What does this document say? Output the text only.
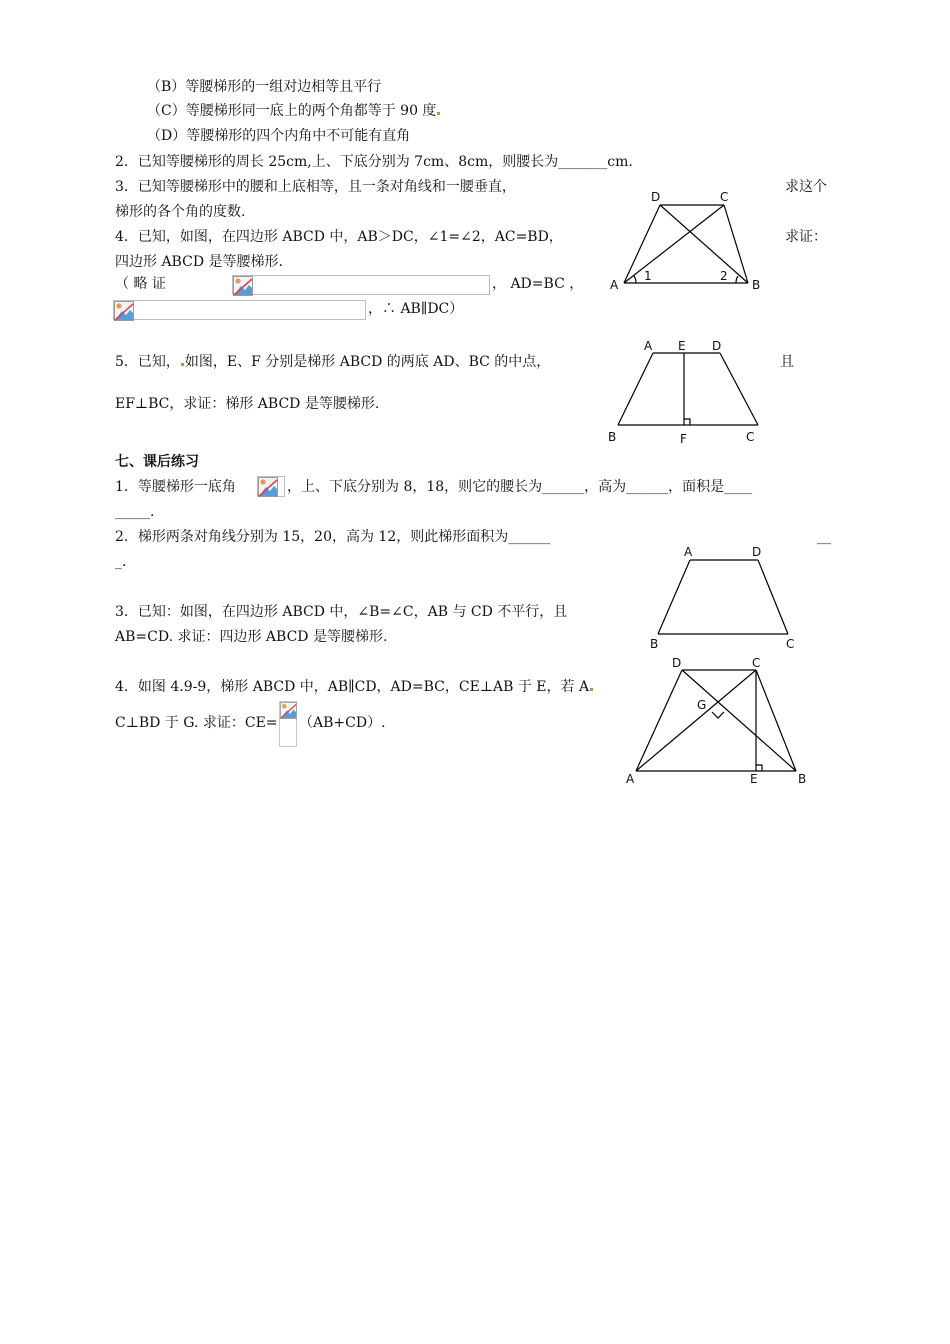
（B）等腰梯形的一组对边相等且平行
（C）等腰梯形同一底上的两个角都等于 90 度
（D）等腰梯形的四个内角中不可能有直角
2．已知等腰梯形的周长 25cm,上、下底分别为 7cm、8cm，则腰长为_______cm.
3．已知等腰梯形中的腰和上底相等，且一条对角线和一腰垂直，	求这个
梯形的各个角的度数.
4．已知，如图，在四边形 ABCD 中，AB＞DC，∠1=∠2，AC=BD，	求证：
四边形 ABCD 是等腰梯形.
（ 略 证	， AD=BC ，
，∴ AB∥DC）
5．已知， 如图，E、F 分别是梯形 ABCD 的两底 AD、BC 的中点，	且
EF⊥BC，求证：梯形 ABCD 是等腰梯形.
七、课后练习
1．等腰梯形一底角	，上、下底分别为 8，18，则它的腰长为______，高为______，面积是____
_____.
2．梯形两条对角线分别为 15，20，高为 12，则此梯形面积为______	__
_.
3．已知：如图，在四边形 ABCD 中，∠B=∠C，AB 与 CD 不平行，且
AB=CD. 求证：四边形 ABCD 是等腰梯形.
4．如图 4.9-9，梯形 ABCD 中，AB∥CD，AD=BC，CE⊥AB 于 E，若 A
C⊥BD 于 G. 求证：CE= （AB+CD）.
D	C
A	B
1	2
A E D
B	F	C
A	D
B	C
D	C
G
A	E	B
